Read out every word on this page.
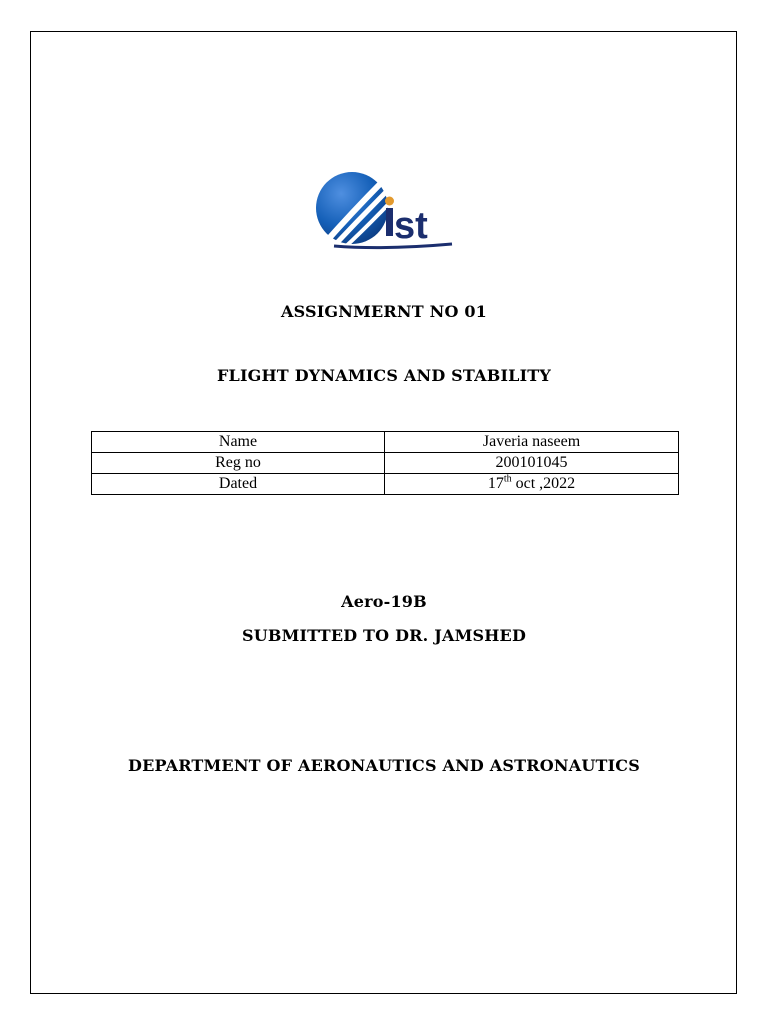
st
ASSIGNMERNT NO 01
FLIGHT DYNAMICS AND STABILITY
Name	Javeria naseem
Reg no	200101045
Dated	17th oct ,2022
Aero-19B
SUBMITTED TO DR. JAMSHED
DEPARTMENT OF AERONAUTICS AND ASTRONAUTICS
